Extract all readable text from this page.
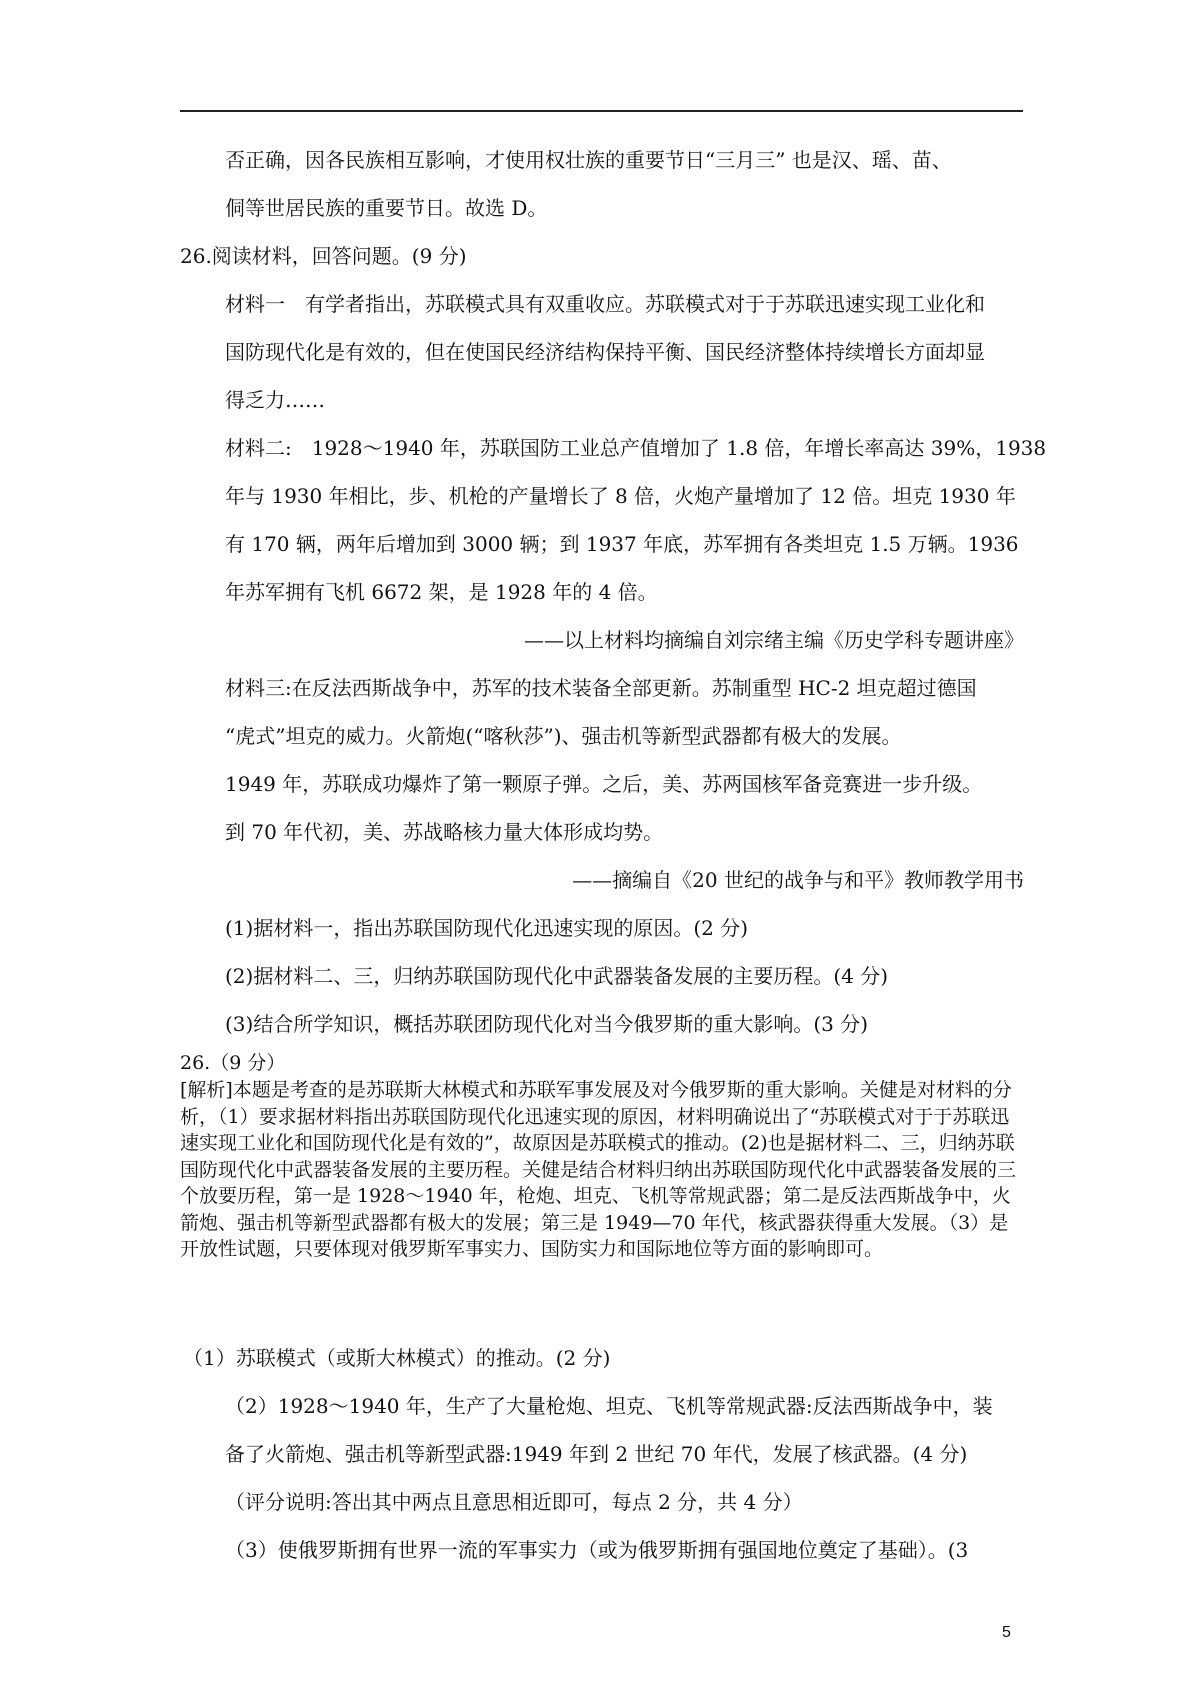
否正确，因各民族相互影响，才使用权壮族的重要节日“三月三” 也是汉、瑶、苗、
侗等世居民族的重要节日。故选 D。
26.阅读材料，回答问题。(9 分)
材料一　有学者指出，苏联模式具有双重收应。苏联模式对于于苏联迅速实现工业化和
国防现代化是有效的，但在使国民经济结构保持平衡、国民经济整体持续增长方面却显
得乏力……
材料二:　1928～1940 年，苏联国防工业总产值增加了 1.8 倍，年增长率高达 39%，1938
年与 1930 年相比，步、机枪的产量增长了 8 倍，火炮产量增加了 12 倍。坦克 1930 年
有 170 辆，两年后增加到 3000 辆；到 1937 年底，苏军拥有各类坦克 1.5 万辆。1936
年苏军拥有飞机 6672 架，是 1928 年的 4 倍。
——以上材料均摘编自刘宗绪主编《历史学科专题讲座》
材料三:在反法西斯战争中，苏军的技术装备全部更新。苏制重型 HC-2 坦克超过德国
“虎式”坦克的威力。火箭炮(“喀秋莎”)、强击机等新型武器都有极大的发展。
1949 年，苏联成功爆炸了第一颗原子弹。之后，美、苏两国核军备竞赛进一步升级。
到 70 年代初，美、苏战略核力量大体形成均势。
——摘编自《20 世纪的战争与和平》教师教学用书
(1)据材料一，指出苏联国防现代化迅速实现的原因。(2 分)
(2)据材料二、三，归纳苏联国防现代化中武器装备发展的主要历程。(4 分)
(3)结合所学知识，概括苏联团防现代化对当今俄罗斯的重大影响。(3 分)
26.（9 分）
[解析]本题是考查的是苏联斯大林模式和苏联军事发展及对今俄罗斯的重大影响。关健是对材料的分析，（1）要求据材料指出苏联国防现代化迅速实现的原因，材料明确说出了“苏联模式对于于苏联迅速实现工业化和国防现代化是有效的”，故原因是苏联模式的推动。(2)也是据材料二、三，归纳苏联国防现代化中武器装备发展的主要历程。关健是结合材料归纳出苏联国防现代化中武器装备发展的三个放要历程，第一是 1928～1940 年，枪炮、坦克、飞机等常规武器；第二是反法西斯战争中，火箭炮、强击机等新型武器都有极大的发展；第三是 1949—70 年代，核武器获得重大发展。（3）是开放性试题，只要体现对俄罗斯军事实力、国防实力和国际地位等方面的影响即可。
（1）苏联模式（或斯大林模式）的推动。(2 分)
（2）1928～1940 年，生产了大量枪炮、坦克、飞机等常规武器:反法西斯战争中，装
备了火箭炮、强击机等新型武器:1949 年到 2 世纪 70 年代，发展了核武器。(4 分)
（评分说明:答出其中两点且意思相近即可，每点 2 分，共 4 分）
（3）使俄罗斯拥有世界一流的军事实力（或为俄罗斯拥有强国地位奠定了基础）。(3
5
